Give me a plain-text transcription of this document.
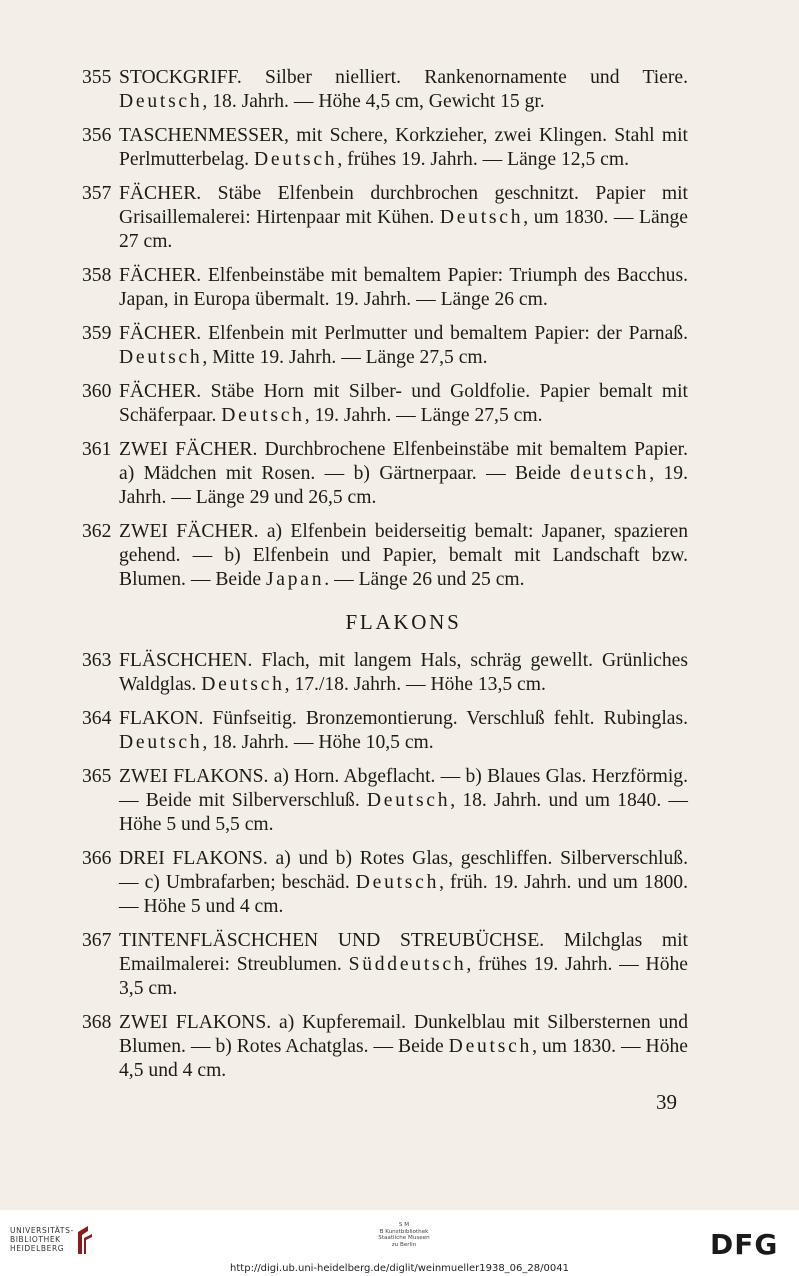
355 STOCKGRIFF. Silber nielliert. Rankenornamente und Tiere. Deutsch, 18. Jahrh. — Höhe 4,5 cm, Gewicht 15 gr.
356 TASCHENMESSER, mit Schere, Korkzieher, zwei Klingen. Stahl mit Perlmutterbelag. Deutsch, frühes 19. Jahrh. — Länge 12,5 cm.
357 FÄCHER. Stäbe Elfenbein durchbrochen geschnitzt. Papier mit Grisaillemalerei: Hirtenpaar mit Kühen. Deutsch, um 1830. — Länge 27 cm.
358 FÄCHER. Elfenbeinstäbe mit bemaltem Papier: Triumph des Bacchus. Japan, in Europa übermalt. 19. Jahrh. — Länge 26 cm.
359 FÄCHER. Elfenbein mit Perlmutter und bemaltem Papier: der Parnaß. Deutsch, Mitte 19. Jahrh. — Länge 27,5 cm.
360 FÄCHER. Stäbe Horn mit Silber- und Goldfolie. Papier bemalt mit Schäferpaar. Deutsch, 19. Jahrh. — Länge 27,5 cm.
361 ZWEI FÄCHER. Durchbrochene Elfenbeinstäbe mit bemaltem Papier. a) Mädchen mit Rosen. — b) Gärtnerpaar. — Beide deutsch, 19. Jahrh. — Länge 29 und 26,5 cm.
362 ZWEI FÄCHER. a) Elfenbein beiderseitig bemalt: Japaner, spazieren gehend. — b) Elfenbein und Papier, bemalt mit Landschaft bzw. Blumen. — Beide Japan. — Länge 26 und 25 cm.
FLAKONS
363 FLÄSCHCHEN. Flach, mit langem Hals, schräg gewellt. Grünliches Waldglas. Deutsch, 17./18. Jahrh. — Höhe 13,5 cm.
364 FLAKON. Fünfseitig. Bronzemontierung. Verschluß fehlt. Rubinglas. Deutsch, 18. Jahrh. — Höhe 10,5 cm.
365 ZWEI FLAKONS. a) Horn. Abgeflacht. — b) Blaues Glas. Herzförmig. — Beide mit Silberverschluß. Deutsch, 18. Jahrh. und um 1840. — Höhe 5 und 5,5 cm.
366 DREI FLAKONS. a) und b) Rotes Glas, geschliffen. Silberverschluß. — c) Umbrafarben; beschäd. Deutsch, früh. 19. Jahrh. und um 1800. — Höhe 5 und 4 cm.
367 TINTENFLÄSCHCHEN UND STREUBÜCHSE. Milchglas mit Emailmalerei: Streublumen. Süddeutsch, frühes 19. Jahrh. — Höhe 3,5 cm.
368 ZWEI FLAKONS. a) Kupferemail. Dunkelblau mit Silbersternen und Blumen. — b) Rotes Achatglas. — Beide Deutsch, um 1830. — Höhe 4,5 und 4 cm.
39
UNIVERSITÄTS-
BIBLIOTHEK
HEIDELBERG
S M
B Kunstbibliothek
Staatliche Museen
zu Berlin	DFG
http://digi.ub.uni-heidelberg.de/diglit/weinmueller1938_06_28/0041
